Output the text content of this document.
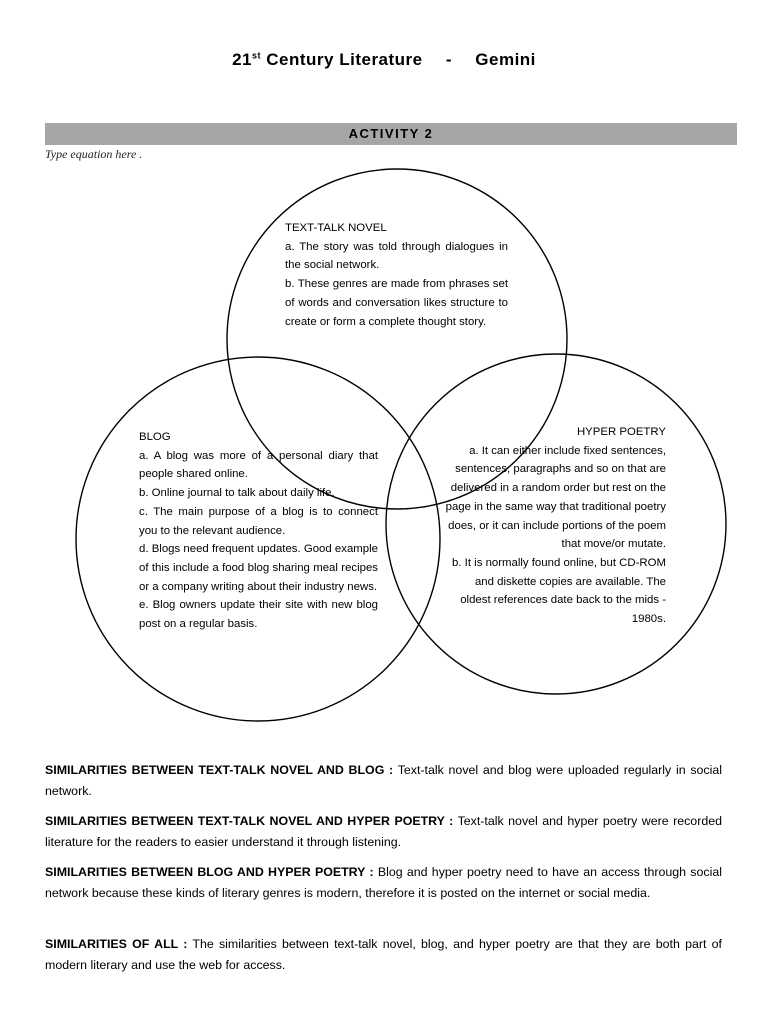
21st Century Literature - Gemini
ACTIVITY 2
Type equation here .
TEXT-TALK NOVEL
a. The story was told through dialogues in the social network.
b. These genres are made from phrases set of words and conversation likes structure to create or form a complete thought story.
BLOG
a. A blog was more of a personal diary that people shared online.
b. Online journal to talk about daily life.
c. The main purpose of a blog is to connect you to the relevant audience.
d. Blogs need frequent updates. Good example of this include a food blog sharing meal recipes or a company writing about their industry news.
e. Blog owners update their site with new blog post on a regular basis.
HYPER POETRY
a. It can either include fixed sentences, sentences, paragraphs and so on that are delivered in a random order but rest on the page in the same way that traditional poetry does, or it can include portions of the poem that move/or mutate.
b. It is normally found online, but CD-ROM and diskette copies are available. The oldest references date back to the mids - 1980s.
SIMILARITIES BETWEEN TEXT-TALK NOVEL AND BLOG : Text-talk novel and blog were uploaded regularly in social network.
SIMILARITIES BETWEEN TEXT-TALK NOVEL AND HYPER POETRY : Text-talk novel and hyper poetry were recorded literature for the readers to easier understand it through listening.
SIMILARITIES BETWEEN BLOG AND HYPER POETRY : Blog and hyper poetry need to have an access through social network because these kinds of literary genres is modern, therefore it is posted on the internet or social media.
SIMILARITIES OF ALL : The similarities between text-talk novel, blog, and hyper poetry are that they are both part of modern literary and use the web for access.
